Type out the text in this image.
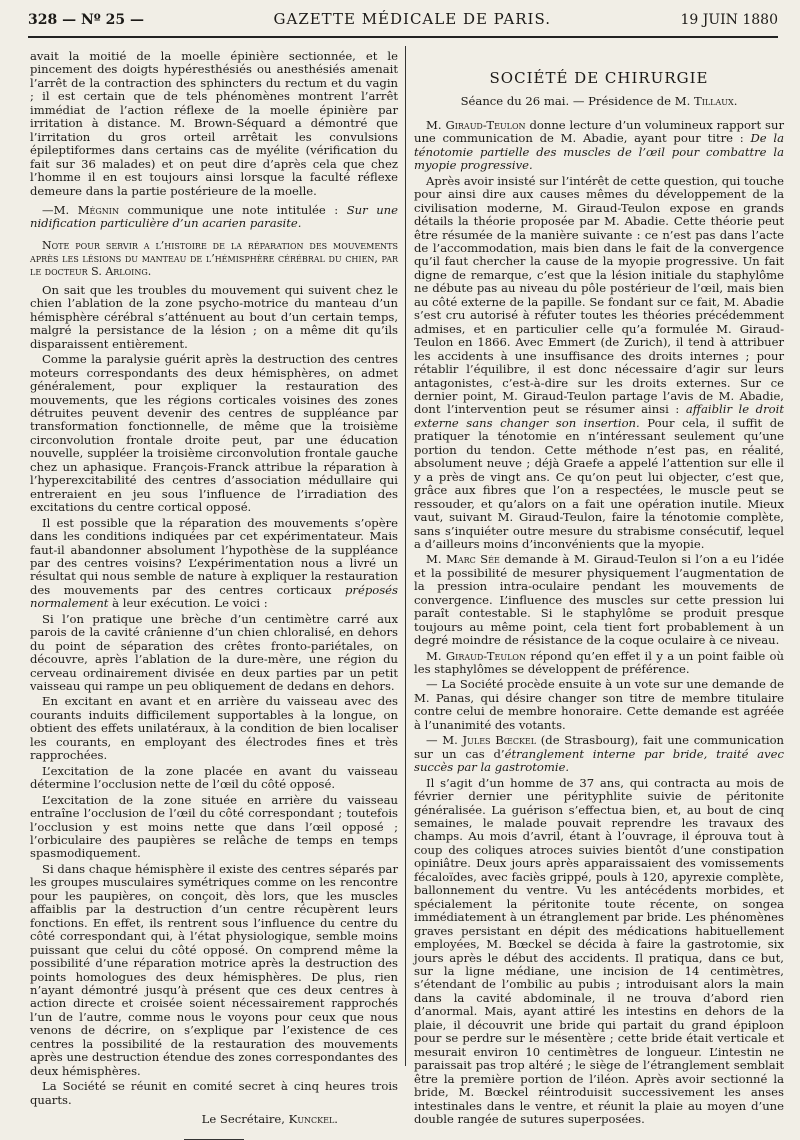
328 — Nº 25 —	GAZETTE MÉDICALE DE PARIS.	19 JUIN 1880

avait la moitié de la moelle épinière sectionnée, et le pincement des doigts hypéresthésiés ou anesthésiés amenait l’arrêt de la contraction des sphincters du rectum et du vagin ; il est certain que de tels phénomènes montrent l’arrêt immédiat de l’action réflexe de la moelle épinière par irritation à distance. M. Brown-Séquard a démontré que l’irritation du gros orteil arrêtait les convulsions épileptiformes dans certains cas de myélite (vérification du fait sur 36 malades) et on peut dire d’après cela que chez l’homme il en est toujours ainsi lorsque la faculté réflexe demeure dans la partie postérieure de la moelle.

—M. Mégnin communique une note intitulée : Sur une nidification particulière d’un acarien parasite.

Note pour servir a l’histoire de la réparation des mouvements après les lésions du manteau de l’hémisphère cérébral du chien, par le docteur S. Arloing.

On sait que les troubles du mouvement qui suivent chez le chien l’ablation de la zone psycho-motrice du manteau d’un hémisphère cérébral s’atténuent au bout d’un certain temps, malgré la persistance de la lésion ; on a même dit qu’ils disparaissent entièrement.

Comme la paralysie guérit après la destruction des centres moteurs correspondants des deux hémisphères, on admet généralement, pour expliquer la restauration des mouvements, que les régions corticales voisines des zones détruites peuvent devenir des centres de suppléance par transformation fonctionnelle, de même que la troisième circonvolution frontale droite peut, par une éducation nouvelle, suppléer la troisième circonvolution frontale gauche chez un aphasique. François-Franck attribue la réparation à l’hyperexcitabilité des centres d’association médullaire qui entreraient en jeu sous l’influence de l’irradiation des excitations du centre cortical opposé.

Il est possible que la réparation des mouvements s’opère dans les conditions indiquées par cet expérimentateur. Mais faut-il abandonner absolument l’hypothèse de la suppléance par des centres voisins? L’expérimentation nous a livré un résultat qui nous semble de nature à expliquer la restauration des mouvements par des centres corticaux préposés normalement à leur exécution. Le voici :

Si l’on pratique une brèche d’un centimètre carré aux parois de la cavité crânienne d’un chien chloralisé, en dehors du point de séparation des crêtes fronto-pariétales, on découvre, après l’ablation de la dure-mère, une région du cerveau ordinairement divisée en deux parties par un petit vaisseau qui rampe un peu obliquement de dedans en dehors.

En excitant en avant et en arrière du vaisseau avec des courants induits difficilement supportables à la longue, on obtient des effets unilatéraux, à la condition de bien localiser les courants, en employant des électrodes fines et très rapprochées.

L’excitation de la zone placée en avant du vaisseau détermine l’occlusion nette de l’œil du côté opposé.

L’excitation de la zone située en arrière du vaisseau entraîne l’occlusion de l’œil du côté correspondant ; toutefois l’occlusion y est moins nette que dans l’œil opposé ; l’orbiculaire des paupières se relâche de temps en temps spasmodiquement.

Si dans chaque hémisphère il existe des centres séparés par les groupes musculaires symétriques comme on les rencontre pour les paupières, on conçoit, dès lors, que les muscles affaiblis par la destruction d’un centre récupèrent leurs fonctions. En effet, ils rentrent sous l’influence du centre du côté correspondant qui, à l’état physiologique, semble moins puissant que celui du côté opposé. On comprend même la possibilité d’une réparation motrice après la destruction des points homologues des deux hémisphères. De plus, rien n’ayant démontré jusqu’à présent que ces deux centres à action directe et croisée soient nécessairement rapprochés l’un de l’autre, comme nous le voyons pour ceux que nous venons de décrire, on s’explique par l’existence de ces centres la possibilité de la restauration des mouvements après une destruction étendue des zones correspondantes des deux hémisphères.

La Société se réunit en comité secret à cinq heures trois quarts.

Le Secrétaire, Kunckel.
SOCIÉTÉ DE CHIRURGIE
Séance du 26 mai. — Présidence de M. Tillaux.

M. Giraud-Teulon donne lecture d’un volumineux rapport sur une communication de M. Abadie, ayant pour titre : De la ténotomie partielle des muscles de l’œil pour combattre la myopie progressive.

Après avoir insisté sur l’intérêt de cette question, qui touche pour ainsi dire aux causes mêmes du développement de la civilisation moderne, M. Giraud-Teulon expose en grands détails la théorie proposée par M. Abadie. Cette théorie peut être résumée de la manière suivante : ce n’est pas dans l’acte de l’accommodation, mais bien dans le fait de la convergence qu’il faut chercher la cause de la myopie progressive. Un fait digne de remarque, c’est que la lésion initiale du staphylôme ne débute pas au niveau du pôle postérieur de l’œil, mais bien au côté externe de la papille. Se fondant sur ce fait, M. Abadie s’est cru autorisé à réfuter toutes les théories précédemment admises, et en particulier celle qu’a formulée M. Giraud-Teulon en 1866. Avec Emmert (de Zurich), il tend à attribuer les accidents à une insuffisance des droits internes ; pour rétablir l’équilibre, il est donc nécessaire d’agir sur leurs antagonistes, c’est-à-dire sur les droits externes. Sur ce dernier point, M. Giraud-Teulon partage l’avis de M. Abadie, dont l’intervention peut se résumer ainsi : affaiblir le droit externe sans changer son insertion. Pour cela, il suffit de pratiquer la ténotomie en n’intéressant seulement qu’une portion du tendon. Cette méthode n’est pas, en réalité, absolument neuve ; déjà Graefe a appelé l’attention sur elle il y a près de vingt ans. Ce qu’on peut lui objecter, c’est que, grâce aux fibres que l’on a respectées, le muscle peut se ressouder, et qu’alors on a fait une opération inutile. Mieux vaut, suivant M. Giraud-Teulon, faire la ténotomie complète, sans s’inquiéter outre mesure du strabisme consécutif, lequel a d’ailleurs moins d’inconvénients que la myopie.

M. Marc Sée demande à M. Giraud-Teulon si l’on a eu l’idée et la possibilité de mesurer physiquement l’augmentation de la pression intra-oculaire pendant les mouvements de convergence. L’influence des muscles sur cette pression lui paraît contestable. Si le staphylôme se produit presque toujours au même point, cela tient fort probablement à un degré moindre de résistance de la coque oculaire à ce niveau.

M. Giraud-Teulon répond qu’en effet il y a un point faible où les staphylômes se développent de préférence.

— La Société procède ensuite à un vote sur une demande de M. Panas, qui désire changer son titre de membre titulaire contre celui de membre honoraire. Cette demande est agréée à l’unanimité des votants.

— M. Jules Bœckel (de Strasbourg), fait une communication sur un cas d’étranglement interne par bride, traité avec succès par la gastrotomie.

Il s’agit d’un homme de 37 ans, qui contracta au mois de février dernier une pérityphlite suivie de péritonite généralisée. La guérison s’effectua bien, et, au bout de cinq semaines, le malade pouvait reprendre les travaux des champs. Au mois d’avril, étant à l’ouvrage, il éprouva tout à coup des coliques atroces suivies bientôt d’une constipation opiniâtre. Deux jours après apparaissaient des vomissements fécaloïdes, avec faciès grippé, pouls à 120, apyrexie complète, ballonnement du ventre. Vu les antécédents morbides, et spécialement la péritonite toute récente, on songea immédiatement à un étranglement par bride. Les phénomènes graves persistant en dépit des médications habituellement employées, M. Bœckel se décida à faire la gastrotomie, six jours après le début des accidents. Il pratiqua, dans ce but, sur la ligne médiane, une incision de 14 centimètres, s’étendant de l’ombilic au pubis ; introduisant alors la main dans la cavité abdominale, il ne trouva d’abord rien d’anormal. Mais, ayant attiré les intestins en dehors de la plaie, il découvrit une bride qui partait du grand épiploon pour se perdre sur le mésentère ; cette bride était verticale et mesurait environ 10 centimètres de longueur. L’intestin ne paraissait pas trop altéré ; le siège de l’étranglement semblait être la première portion de l’iléon. Après avoir sectionné la bride, M. Bœckel réintroduisit successivement les anses intestinales dans le ventre, et réunit la plaie au moyen d’une double rangée de sutures superposées.
